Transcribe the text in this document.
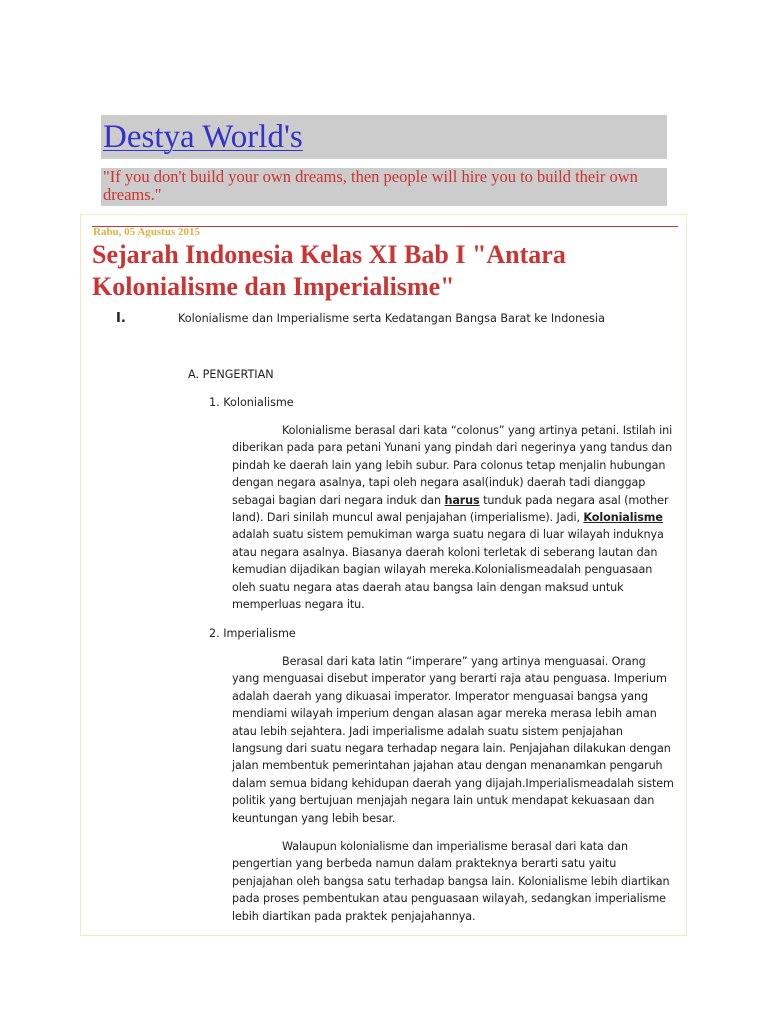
Destya World's
"If you don't build your own dreams, then people will hire you to build their own dreams."
Rabu, 05 Agustus 2015
Sejarah Indonesia Kelas XI Bab I "Antara Kolonialisme dan Imperialisme"
I.	Kolonialisme dan Imperialisme serta Kedatangan Bangsa Barat ke Indonesia
A. PENGERTIAN
1. Kolonialisme

Kolonialisme berasal dari kata “colonus” yang artinya petani. Istilah ini diberikan pada para petani Yunani yang pindah dari negerinya yang tandus dan pindah ke daerah lain yang lebih subur. Para colonus tetap menjalin hubungan dengan negara asalnya, tapi oleh negara asal(induk) daerah tadi dianggap sebagai bagian dari negara induk dan harus tunduk pada negara asal (mother land). Dari sinilah muncul awal penjajahan (imperialisme). Jadi, Kolonialisme adalah suatu sistem pemukiman warga suatu negara di luar wilayah induknya atau negara asalnya. Biasanya daerah koloni terletak di seberang lautan dan kemudian dijadikan bagian wilayah mereka.Kolonialismeadalah penguasaan oleh suatu negara atas daerah atau bangsa lain dengan maksud untuk memperluas negara itu.

2. Imperialisme

Berasal dari kata latin “imperare” yang artinya menguasai. Orang yang menguasai disebut imperator yang berarti raja atau penguasa. Imperium adalah daerah yang dikuasai imperator. Imperator menguasai bangsa yang mendiami wilayah imperium dengan alasan agar mereka merasa lebih aman atau lebih sejahtera. Jadi imperialisme adalah suatu sistem penjajahan langsung dari suatu negara terhadap negara lain. Penjajahan dilakukan dengan jalan membentuk pemerintahan jajahan atau dengan menanamkan pengaruh dalam semua bidang kehidupan daerah yang dijajah.Imperialismeadalah sistem politik yang bertujuan menjajah negara lain untuk mendapat kekuasaan dan keuntungan yang lebih besar.

Walaupun kolonialisme dan imperialisme berasal dari kata dan pengertian yang berbeda namun dalam prakteknya berarti satu yaitu penjajahan oleh bangsa satu terhadap bangsa lain. Kolonialisme lebih diartikan pada proses pembentukan atau penguasaan wilayah, sedangkan imperialisme lebih diartikan pada praktek penjajahannya.
